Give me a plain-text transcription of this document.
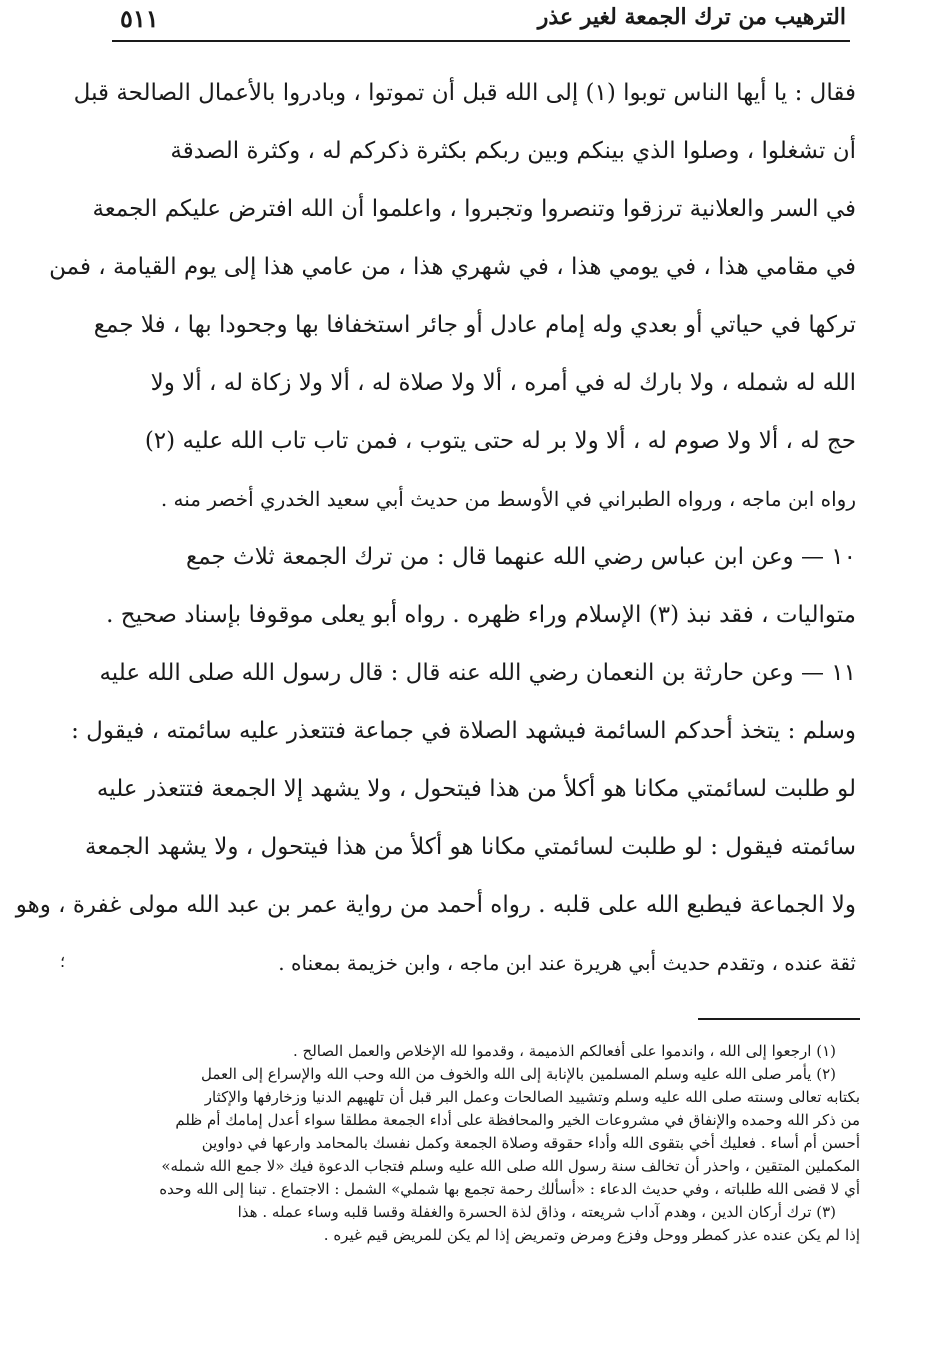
٥١١	الترهيب من ترك الجمعة لغير عذر
فقال : يا أيها الناس توبوا (١) إلى الله قبل أن تموتوا ، وبادروا بالأعمال الصالحة قبل
أن تشغلوا ، وصلوا الذي بينكم وبين ربكم بكثرة ذكركم له ، وكثرة الصدقة
في السر والعلانية ترزقوا وتنصروا وتجبروا ، واعلموا أن الله افترض عليكم الجمعة
في مقامي هذا ، في يومي هذا ، في شهري هذا ، من عامي هذا إلى يوم القيامة ، فمن
تركها في حياتي أو بعدي وله إمام عادل أو جائر استخفافا بها وجحودا بها ، فلا جمع
الله له شمله ، ولا بارك له في أمره ، ألا ولا صلاة له ، ألا ولا زكاة له ، ألا ولا
حج له ، ألا ولا صوم له ، ألا ولا بر له حتى يتوب ، فمن تاب تاب الله عليه (٢)
رواه ابن ماجه ، ورواه الطبراني في الأوسط من حديث أبي سعيد الخدري أخصر منه .
١٠ — وعن ابن عباس رضي الله عنهما قال : من ترك الجمعة ثلاث جمع
متواليات ، فقد نبذ (٣) الإسلام وراء ظهره . رواه أبو يعلى موقوفا بإسناد صحيح .
١١ — وعن حارثة بن النعمان رضي الله عنه قال : قال رسول الله صلى الله عليه
وسلم : يتخذ أحدكم السائمة فيشهد الصلاة في جماعة فتتعذر عليه سائمته ، فيقول :
لو طلبت لسائمتي مكانا هو أكلأ من هذا فيتحول ، ولا يشهد إلا الجمعة فتتعذر عليه
سائمته فيقول : لو طلبت لسائمتي مكانا هو أكلأ من هذا فيتحول ، ولا يشهد الجمعة
ولا الجماعة فيطبع الله على قلبه . رواه أحمد من رواية عمر بن عبد الله مولى غفرة ، وهو
ثقة عنده ، وتقدم حديث أبي هريرة عند ابن ماجه ، وابن خزيمة بمعناه .
؛
(١) ارجعوا إلى الله ، واندموا على أفعالكم الذميمة ، وقدموا لله الإخلاص والعمل الصالح .
(٢) يأمر صلى الله عليه وسلم المسلمين بالإنابة إلى الله والخوف من الله وحب الله والإسراع إلى العمل
بكتابه تعالى وسنته صلى الله عليه وسلم وتشييد الصالحات وعمل البر قبل أن تلهيهم الدنيا وزخارفها والإكثار
من ذكر الله وحمده والإنفاق في مشروعات الخير والمحافظة على أداء الجمعة مطلقا سواء أعدل إمامك أم ظلم
أحسن أم أساء . فعليك أخي بتقوى الله وأداء حقوقه وصلاة الجمعة وكمل نفسك بالمحامد وارعها في دواوين
المكملين المتقين ، واحذر أن تخالف سنة رسول الله صلى الله عليه وسلم فتجاب الدعوة فيك «لا جمع الله شمله»
أي لا قضى الله طلباته ، وفي حديث الدعاء : «أسألك رحمة تجمع بها شملي» الشمل : الاجتماع . تبنا إلى الله وحده
(٣) ترك أركان الدين ، وهدم آداب شريعته ، وذاق لذة الحسرة والغفلة وقسا قلبه وساء عمله . هذا
إذا لم يكن عنده عذر كمطر ووحل وفزع ومرض وتمريض إذا لم يكن للمريض قيم غيره .
